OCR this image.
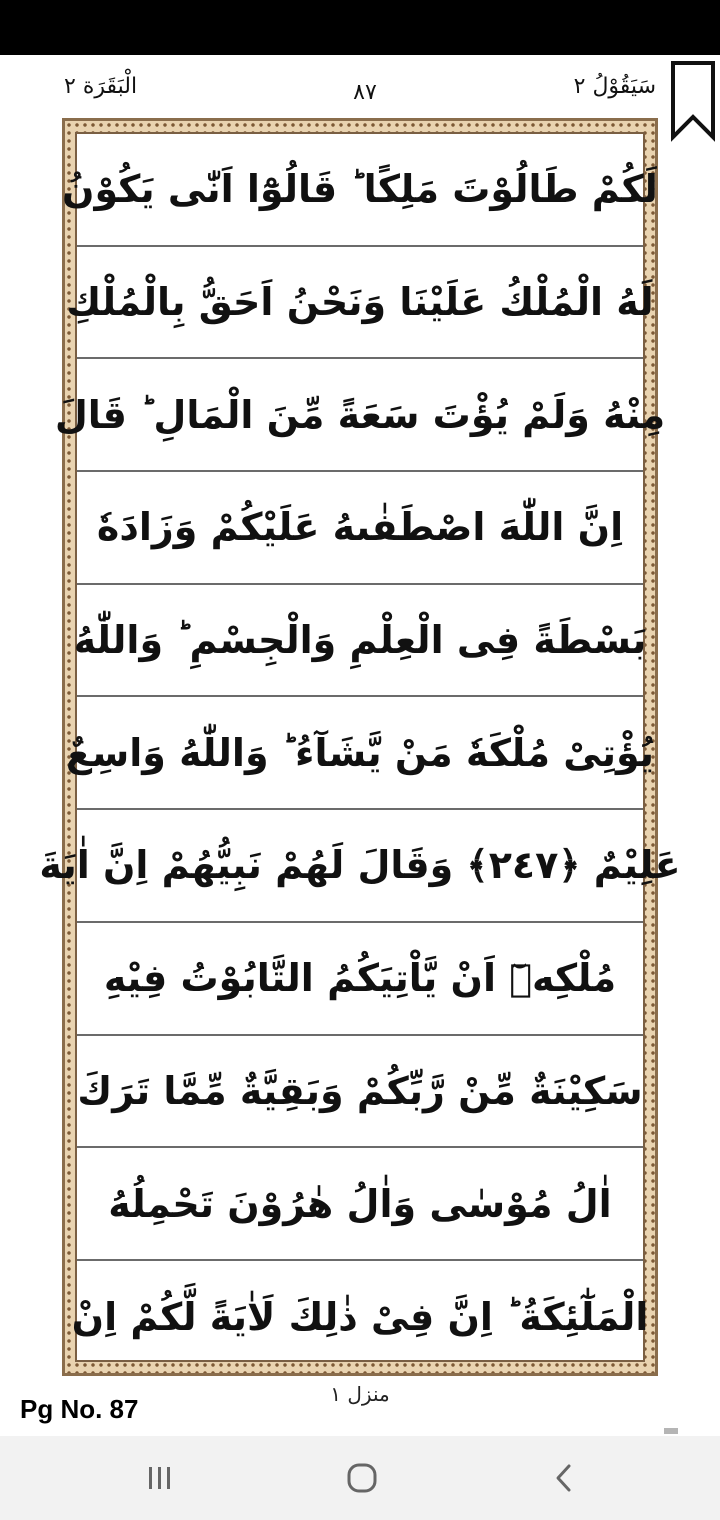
سَيَقُوْلُ ٢
٨٧
الْبَقَرَة ٢
لَكُمْ طَالُوْتَ مَلِكًا ؕ قَالُوْٓا اَنّٰى يَكُوْنُ
لَهُ الْمُلْكُ عَلَيْنَا وَنَحْنُ اَحَقُّ بِالْمُلْكِ
مِنْهُ وَلَمْ يُؤْتَ سَعَةً مِّنَ الْمَالِ ؕ قَالَ
اِنَّ اللّٰهَ اصْطَفٰىهُ عَلَيْكُمْ وَزَادَهٗ
بَسْطَةً فِى الْعِلْمِ وَالْجِسْمِ ؕ وَاللّٰهُ
يُؤْتِىْ مُلْكَهٗ مَنْ يَّشَآءُ ؕ وَاللّٰهُ وَاسِعٌ
عَلِيْمٌ ﴿٢٤٧﴾ وَقَالَ لَهُمْ نَبِيُّهُمْ اِنَّ اٰيَةَ
مُلْكِهٖٓ اَنْ يَّاْتِيَكُمُ التَّابُوْتُ فِيْهِ
سَكِيْنَةٌ مِّنْ رَّبِّكُمْ وَبَقِيَّةٌ مِّمَّا تَرَكَ
اٰلُ مُوْسٰى وَاٰلُ هٰرُوْنَ تَحْمِلُهُ
الْمَلٰٓئِكَةُ ؕ اِنَّ فِىْ ذٰلِكَ لَاٰيَةً لَّكُمْ اِنْ
منزل ١
Pg No. 87
